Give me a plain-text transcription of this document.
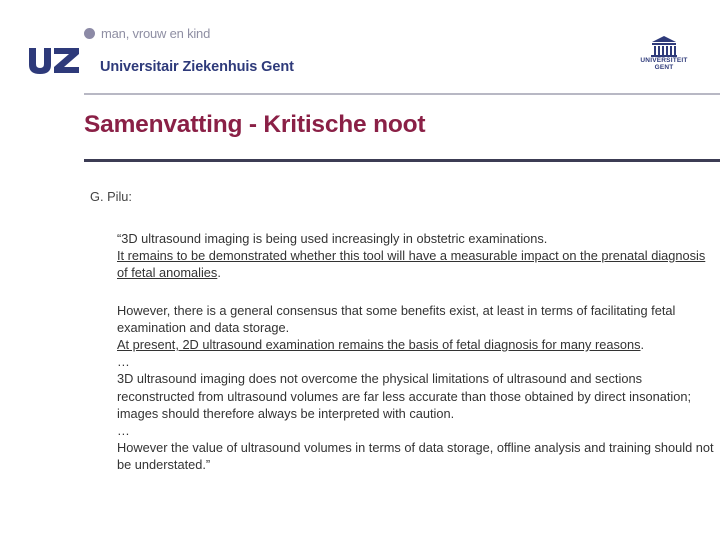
man, vrouw en kind
Universitair Ziekenhuis Gent	UNIVERSITEIT
GENT
Samenvatting - Kritische noot
G. Pilu:

“3D ultrasound imaging is being used increasingly in obstetric examinations.
It remains to be demonstrated whether this tool will have a measurable impact on the prenatal diagnosis of fetal anomalies.

However, there is a general consensus that some benefits exist, at least in terms of facilitating fetal examination and data storage.
At present, 2D ultrasound examination remains the basis of fetal diagnosis for many reasons.
…
3D ultrasound imaging does not overcome the physical limitations of ultrasound and sections reconstructed from ultrasound volumes are far less accurate than those obtained by direct insonation; images should therefore always be interpreted with caution.
…
However the value of ultrasound volumes in terms of data storage, offline analysis and training should not be understated.”
